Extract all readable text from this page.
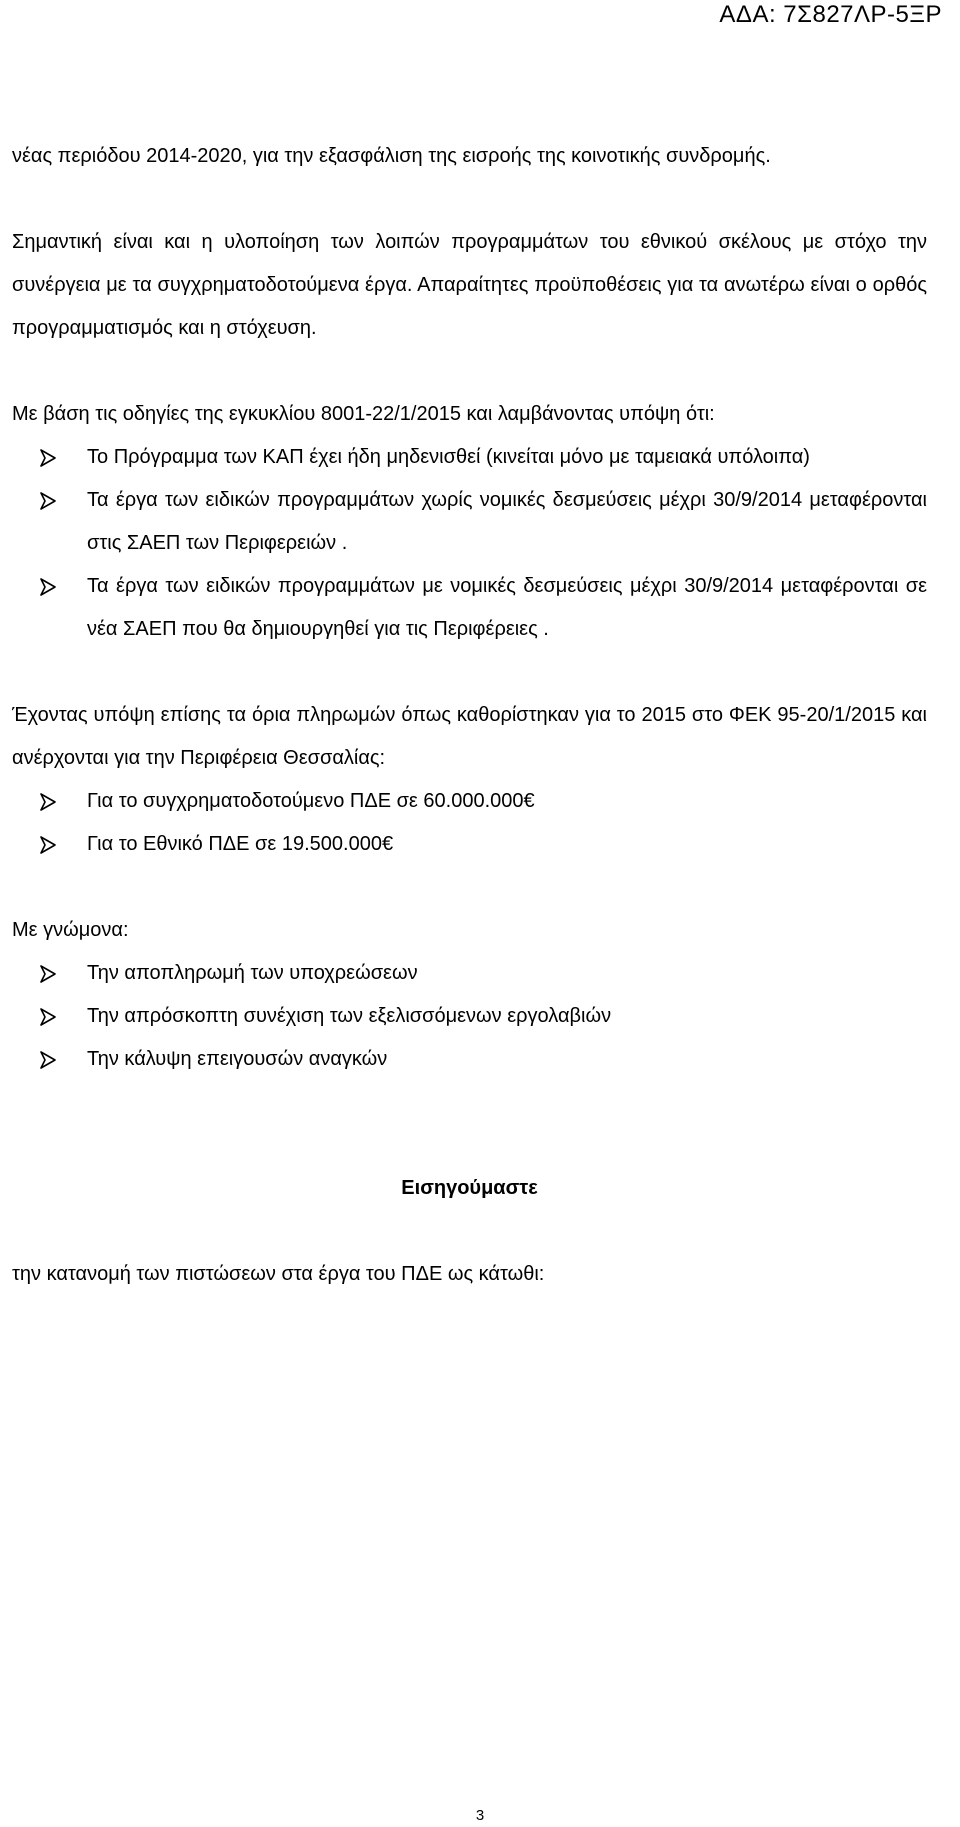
ΑΔΑ: 7Σ827ΛΡ-5ΞΡ

νέας περιόδου 2014-2020, για την εξασφάλιση της εισροής της κοινοτικής συνδρομής.

Σημαντική είναι και η υλοποίηση των λοιπών προγραμμάτων του εθνικού σκέλους με στόχο την συνέργεια με τα συγχρηματοδοτούμενα έργα. Απαραίτητες προϋποθέσεις για τα ανωτέρω είναι ο ορθός προγραμματισμός και η στόχευση.

Με βάση τις οδηγίες της εγκυκλίου 8001-22/1/2015 και λαμβάνοντας υπόψη ότι:

Το Πρόγραμμα των ΚΑΠ έχει ήδη μηδενισθεί (κινείται μόνο με ταμειακά υπόλοιπα)

Τα έργα των ειδικών προγραμμάτων χωρίς νομικές δεσμεύσεις μέχρι 30/9/2014 μεταφέρονται στις ΣΑΕΠ των Περιφερειών .

Τα έργα των ειδικών προγραμμάτων με νομικές δεσμεύσεις μέχρι 30/9/2014 μεταφέρονται σε νέα ΣΑΕΠ που θα δημιουργηθεί για τις Περιφέρειες .

Έχοντας υπόψη επίσης τα όρια πληρωμών όπως καθορίστηκαν για το 2015 στο ΦΕΚ 95-20/1/2015 και ανέρχονται για την Περιφέρεια Θεσσαλίας:

Για το συγχρηματοδοτούμενο ΠΔΕ σε 60.000.000€

Για το Εθνικό ΠΔΕ σε 19.500.000€

Με γνώμονα:

Την αποπληρωμή των υποχρεώσεων

Την απρόσκοπτη συνέχιση των εξελισσόμενων εργολαβιών

Την κάλυψη επειγουσών αναγκών

Εισηγούμαστε

την κατανομή των πιστώσεων στα έργα του ΠΔΕ ως κάτωθι:

3
